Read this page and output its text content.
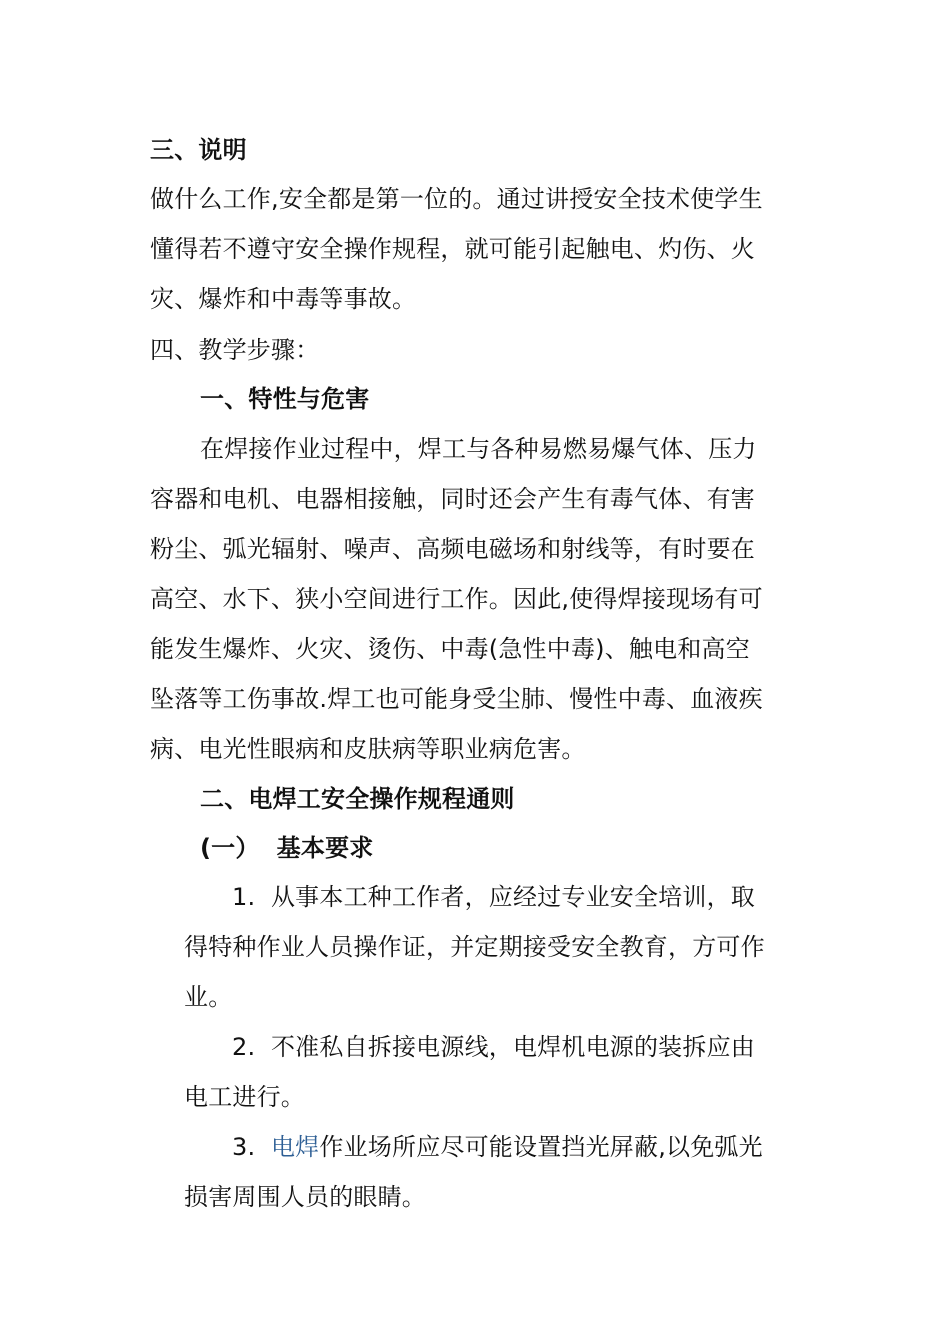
三、说明
做什么工作,安全都是第一位的。通过讲授安全技术使学生
懂得若不遵守安全操作规程，就可能引起触电、灼伤、火
灾、爆炸和中毒等事故。
四、教学步骤：
一、特性与危害
在焊接作业过程中，焊工与各种易燃易爆气体、压力
容器和电机、电器相接触，同时还会产生有毒气体、有害
粉尘、弧光辐射、噪声、高频电磁场和射线等，有时要在
高空、水下、狭小空间进行工作。因此,使得焊接现场有可
能发生爆炸、火灾、烫伤、中毒(急性中毒)、触电和高空
坠落等工伤事故.焊工也可能身受尘肺、慢性中毒、血液疾
病、电光性眼病和皮肤病等职业病危害。
二、电焊工安全操作规程通则
(一）  基本要求
1. 从事本工种工作者，应经过专业安全培训，取
得特种作业人员操作证，并定期接受安全教育，方可作
业。
2. 不准私自拆接电源线，电焊机电源的装拆应由
电工进行。
3. 电焊作业场所应尽可能设置挡光屏蔽,以免弧光
损害周围人员的眼睛。
